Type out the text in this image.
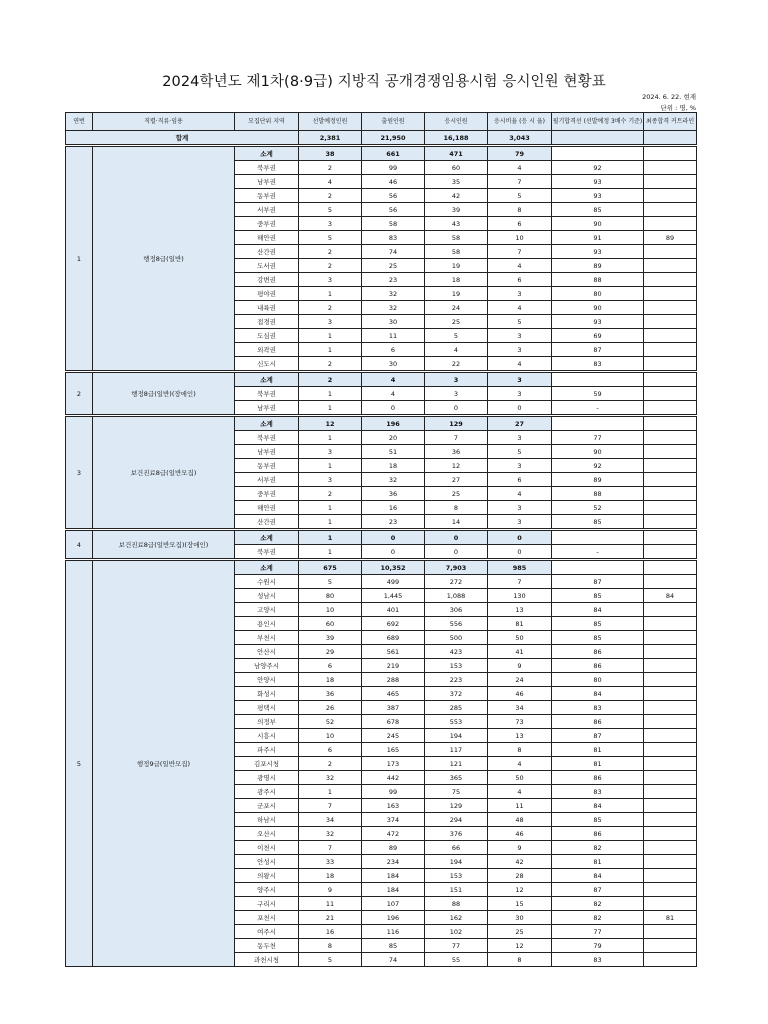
2024학년도 제1차(8·9급) 지방직 공개경쟁임용시험 응시인원 현황표
2024. 6. 22. 현재
단위 : 명, %
연번	직렬·직류·임용	모집단위 지역	선발예정인원	출원인원	응시인원	응시비율 (응 시 율)	필기합격선 (선발예정 3배수 기준)	최종합격 커트라인
합계			2,381	21,950	16,188	3,043		

1	행정8급(일반)	소계	38	661	471	79		
		북부권	2	99	60	4	92	
		남부권	4	46	35	7	93	
		동부권	2	56	42	5	93	
		서부권	5	56	39	8	85	
		중부권	3	58	43	6	90	
		해안권	5	83	58	10	91	89
		산간권	2	74	58	7	93	
		도서권	2	25	19	4	89	
		강변권	3	23	18	6	88	
		평야권	1	32	19	3	80	
		내륙권	2	32	24	4	90	
		접경권	3	30	25	5	93	
		도심권	1	11	5	3	69	
		외곽권	1	6	4	3	87	
		신도시	2	30	22	4	83	

2	행정8급(일반)(장애인)	소계	2	4	3	3		
		북부권	1	4	3	3	59	
		남부권	1	0	0	0	-	

3	보건진료8급(일반모집)	소계	12	196	129	27		
		북부권	1	20	7	3	77	
		남부권	3	51	36	5	90	
		동부권	1	18	12	3	92	
		서부권	3	32	27	6	89	
		중부권	2	36	25	4	88	
		해안권	1	16	8	3	52	
		산간권	1	23	14	3	85	

4	보건진료8급(일반모집)(장애인)	소계	1	0	0	0		
		북부권	1	0	0	0	-	

5	행정9급(일반모집)	소계	675	10,352	7,903	985		
		수원시	5	499	272	7	87	
		성남시	80	1,445	1,088	130	85	84
		고양시	10	401	306	13	84	
		용인시	60	692	556	81	85	
		부천시	39	689	500	50	85	
		안산시	29	561	423	41	86	
		남양주시	6	219	153	9	86	
		안양시	18	288	223	24	80	
		화성시	36	465	372	46	84	
		평택시	26	387	285	34	83	
		의정부	52	678	553	73	86	
		시흥시	10	245	194	13	87	
		파주시	6	165	117	8	81	
		김포시청	2	173	121	4	81	
		광명시	32	442	365	50	86	
		광주시	1	99	75	4	83	
		군포시	7	163	129	11	84	
		하남시	34	374	294	48	85	
		오산시	32	472	376	46	86	
		이천시	7	89	66	9	82	
		안성시	33	234	194	42	81	
		의왕시	18	184	153	28	84	
		양주시	9	184	151	12	87	
		구리시	11	107	88	15	82	
		포천시	21	196	162	30	82	81
		여주시	16	116	102	25	77	
		동두천	8	85	77	12	79	
		과천시청	5	74	55	8	83	
